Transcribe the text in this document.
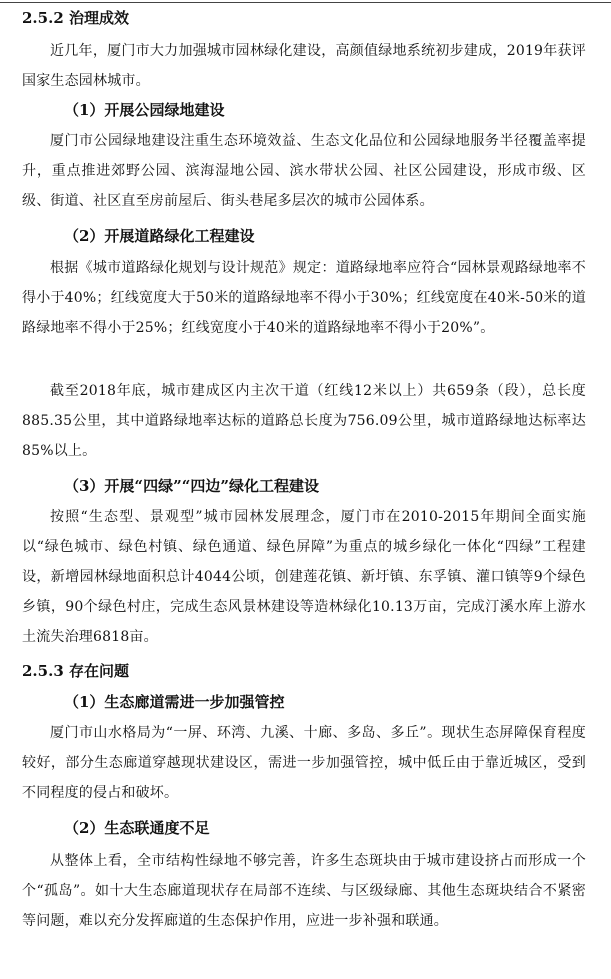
2.5.2 治理成效
近几年，厦门市大力加强城市园林绿化建设，高颜值绿地系统初步建成，2019年获评国家生态园林城市。
（1）开展公园绿地建设
厦门市公园绿地建设注重生态环境效益、生态文化品位和公园绿地服务半径覆盖率提升，重点推进郊野公园、滨海湿地公园、滨水带状公园、社区公园建设，形成市级、区级、街道、社区直至房前屋后、街头巷尾多层次的城市公园体系。
（2）开展道路绿化工程建设
根据《城市道路绿化规划与设计规范》规定：道路绿地率应符合“园林景观路绿地率不得小于40%；红线宽度大于50米的道路绿地率不得小于30%；红线宽度在40米-50米的道路绿地率不得小于25%；红线宽度小于40米的道路绿地率不得小于20%”。
截至2018年底，城市建成区内主次干道（红线12米以上）共659条（段），总长度885.35公里，其中道路绿地率达标的道路总长度为756.09公里，城市道路绿地达标率达85%以上。
（3）开展“四绿”“四边”绿化工程建设
按照“生态型、景观型”城市园林发展理念，厦门市在2010-2015年期间全面实施以“绿色城市、绿色村镇、绿色通道、绿色屏障”为重点的城乡绿化一体化“四绿”工程建设，新增园林绿地面积总计4044公顷，创建莲花镇、新圩镇、东孚镇、灌口镇等9个绿色乡镇，90个绿色村庄，完成生态风景林建设等造林绿化10.13万亩，完成汀溪水库上游水土流失治理6818亩。
2.5.3 存在问题
（1）生态廊道需进一步加强管控
厦门市山水格局为“一屏、环湾、九溪、十廊、多岛、多丘”。现状生态屏障保育程度较好，部分生态廊道穿越现状建设区，需进一步加强管控，城中低丘由于靠近城区，受到不同程度的侵占和破坏。
（2）生态联通度不足
从整体上看，全市结构性绿地不够完善，许多生态斑块由于城市建设挤占而形成一个个“孤岛”。如十大生态廊道现状存在局部不连续、与区级绿廊、其他生态斑块结合不紧密等问题，难以充分发挥廊道的生态保护作用，应进一步补强和联通。
